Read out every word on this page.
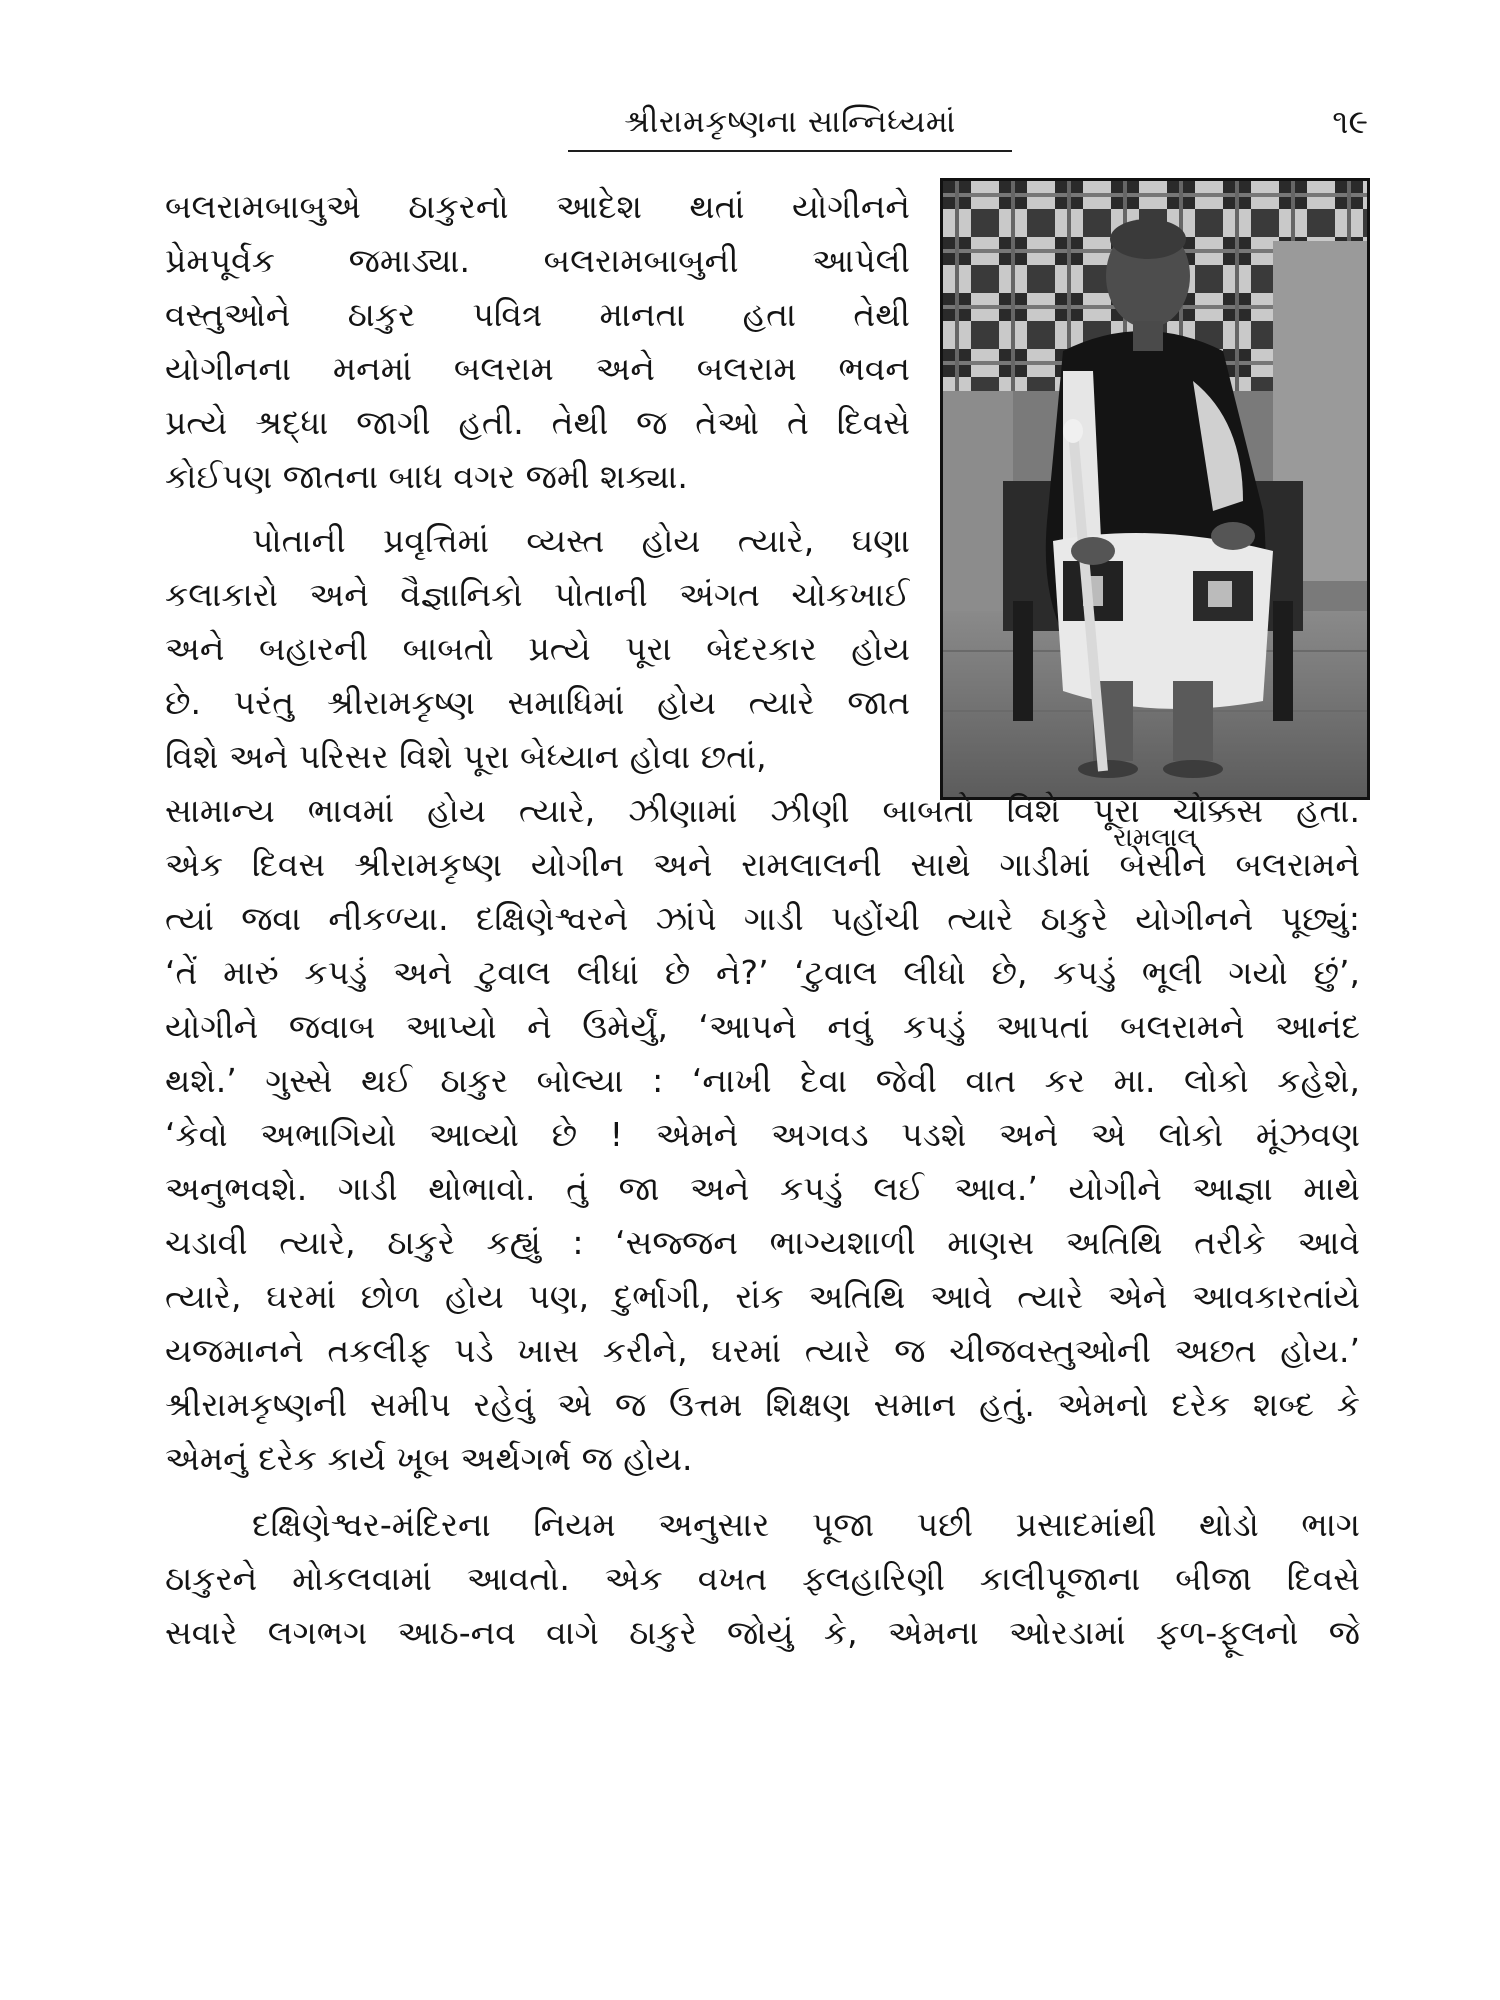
શ્રીરામકૃષ્ણના સાન્નિધ્યમાં	૧૯
રામલાલ
બલરામબાબુએ ઠાકુરનો આદેશ થતાં યોગીનને
પ્રેમપૂર્વક જમાડ્યા. બલરામબાબુની આપેલી
વસ્તુઓને ઠાકુર પવિત્ર માનતા હતા તેથી
યોગીનના મનમાં બલરામ અને બલરામ ભવન
પ્રત્યે શ્રદ્ધા જાગી હતી. તેથી જ તેઓ તે દિવસે
કોઈપણ જાતના બાધ વગર જમી શક્યા.
પોતાની પ્રવૃત્તિમાં વ્યસ્ત હોય ત્યારે, ઘણા
કલાકારો અને વૈજ્ઞાનિકો પોતાની અંગત ચોકખાઈ
અને બહારની બાબતો પ્રત્યે પૂરા બેદરકાર હોય
છે. પરંતુ શ્રીરામકૃષ્ણ સમાધિમાં હોય ત્યારે જાત
વિશે અને પરિસર વિશે પૂરા બેધ્યાન હોવા છતાં,
સામાન્ય ભાવમાં હોય ત્યારે, ઝીણામાં ઝીણી બાબતો વિશે પૂરા ચોક્કસ હતા.
એક દિવસ શ્રીરામકૃષ્ણ યોગીન અને રામલાલની સાથે ગાડીમાં બેસીને બલરામને
ત્યાં જવા નીકળ્યા. દક્ષિણેશ્વરને ઝાંપે ગાડી પહોંચી ત્યારે ઠાકુરે યોગીનને પૂછ્યું:
‘તેં મારું કપડું અને ટુવાલ લીધાં છે ને?’ ‘ટુવાલ લીધો છે, કપડું ભૂલી ગયો છું’,
યોગીને જવાબ આપ્યો ને ઉમેર્યું, ‘આપને નવું કપડું આપતાં બલરામને આનંદ
થશે.’ ગુસ્સે થઈ ઠાકુર બોલ્યા : ‘નાખી દેવા જેવી વાત કર મા. લોકો કહેશે,
‘કેવો અભાગિયો આવ્યો છે ! એમને અગવડ પડશે અને એ લોકો મૂંઝવણ
અનુભવશે. ગાડી થોભાવો. તું જા અને કપડું લઈ આવ.’ યોગીને આજ્ઞા માથે
ચડાવી ત્યારે, ઠાકુરે કહ્યું : ‘સજ્જન ભાગ્યશાળી માણસ અતિથિ તરીકે આવે
ત્યારે, ઘરમાં છોળ હોય પણ, દુર્ભાગી, રાંક અતિથિ આવે ત્યારે એને આવકારતાંયે
યજમાનને તકલીફ પડે ખાસ કરીને, ઘરમાં ત્યારે જ ચીજવસ્તુઓની અછત હોય.’
શ્રીરામકૃષ્ણની સમીપ રહેવું એ જ ઉત્તમ શિક્ષણ સમાન હતું. એમનો દરેક શબ્દ કે
એમનું દરેક કાર્ય ખૂબ અર્થગર્ભ જ હોય.
દક્ષિણેશ્વર-મંદિરના નિયમ અનુસાર પૂજા પછી પ્રસાદમાંથી થોડો ભાગ
ઠાકુરને મોકલવામાં આવતો. એક વખત ફલહારિણી કાલીપૂજાના બીજા દિવસે
સવારે લગભગ આઠ-નવ વાગે ઠાકુરે જોયું કે, એમના ઓરડામાં ફળ-ફૂલનો જે
